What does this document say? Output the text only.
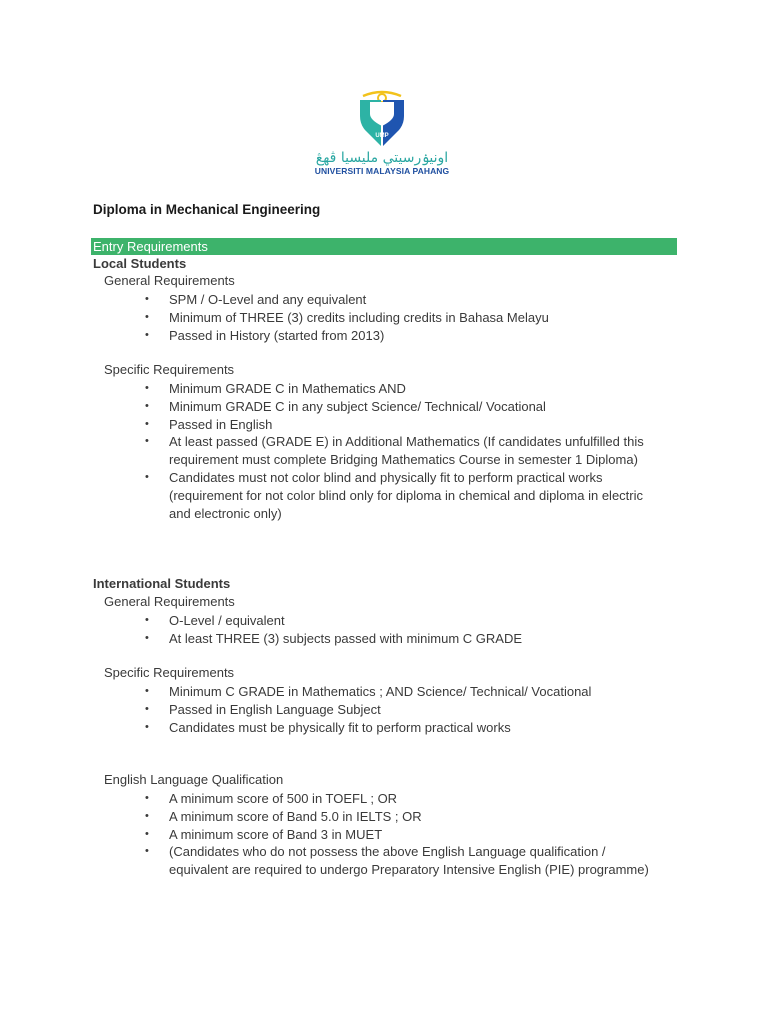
UMP
اونيۏرسيتي مليسيا ڤهڠ
UNIVERSITI MALAYSIA PAHANG
Diploma in Mechanical Engineering
Entry Requirements
Local Students
General Requirements
• SPM / O-Level and any equivalent
• Minimum of THREE (3) credits including credits in Bahasa Melayu
• Passed in History (started from 2013)
Specific Requirements
• Minimum GRADE C in Mathematics AND
• Minimum GRADE C in any subject Science/ Technical/ Vocational
• Passed in English
• At least passed (GRADE E) in Additional Mathematics (If candidates unfulfilled this requirement must complete Bridging Mathematics Course in semester 1 Diploma)
• Candidates must not color blind and physically fit to perform practical works (requirement for not color blind only for diploma in chemical and diploma in electric and electronic only)
International Students
General Requirements
• O-Level / equivalent
• At least THREE (3) subjects passed with minimum C GRADE
Specific Requirements
• Minimum C GRADE in Mathematics ; AND Science/ Technical/ Vocational
• Passed in English Language Subject
• Candidates must be physically fit to perform practical works
English Language Qualification
• A minimum score of 500 in TOEFL ; OR
• A minimum score of Band 5.0 in IELTS ; OR
• A minimum score of Band 3 in MUET
• (Candidates who do not possess the above English Language qualification / equivalent are required to undergo Preparatory Intensive English (PIE) programme)
